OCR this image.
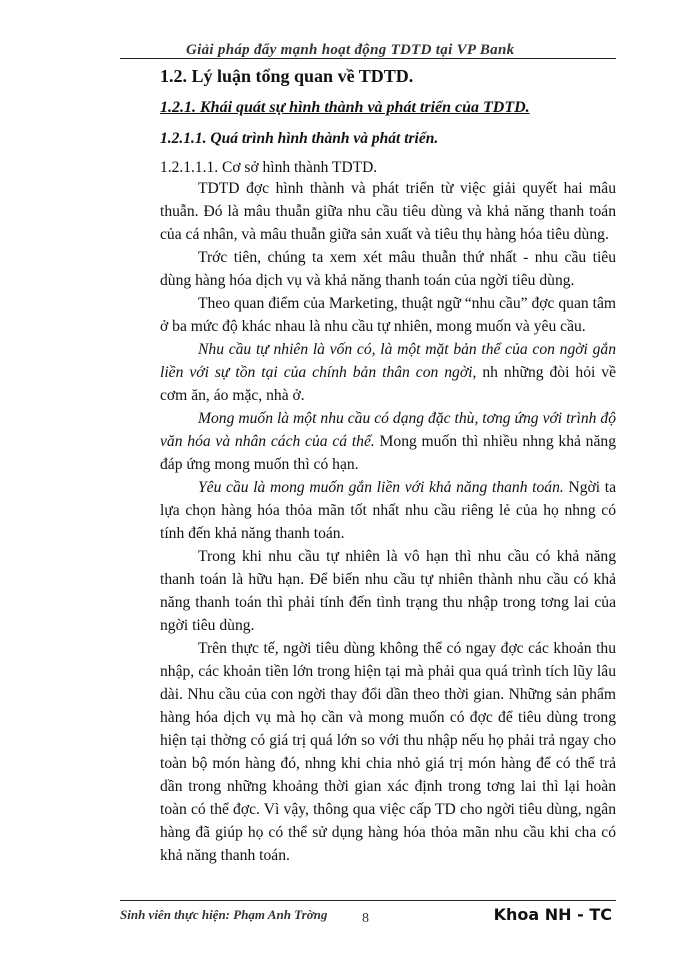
Giải pháp đẩy mạnh hoạt động TDTD tại VP Bank
1.2. Lý luận tổng quan về TDTD.
1.2.1. Khái quát sự hình thành và phát triển của TDTD.
1.2.1.1. Quá trình hình thành và phát triển.
1.2.1.1.1. Cơ sở hình thành TDTD.

TDTD đợc hình thành và phát triển từ việc giải quyết hai mâu thuẫn. Đó là mâu thuẫn giữa nhu cầu tiêu dùng và khả năng thanh toán của cá nhân, và mâu thuẫn giữa sản xuất và tiêu thụ hàng hóa tiêu dùng.

Trớc tiên, chúng ta xem xét mâu thuẫn thứ nhất - nhu cầu tiêu dùng hàng hóa dịch vụ và khả năng thanh toán của ngời tiêu dùng.

Theo quan điểm của Marketing, thuật ngữ “nhu cầu” đợc quan tâm ở ba mức độ khác nhau là nhu cầu tự nhiên, mong muốn và yêu cầu.

Nhu cầu tự nhiên là vốn có, là một mặt bản thể của con ngời gắn liền với sự tồn tại của chính bản thân con ngời, nh những đòi hỏi về cơm ăn, áo mặc, nhà ở.

Mong muốn là một nhu cầu có dạng đặc thù, tơng ứng với trình độ văn hóa và nhân cách của cá thể. Mong muốn thì nhiều nhng khả năng đáp ứng mong muốn thì có hạn.

Yêu cầu là mong muốn gắn liền với khả năng thanh toán. Ngời ta lựa chọn hàng hóa thỏa mãn tốt nhất nhu cầu riêng lẻ của họ nhng có tính đến khả năng thanh toán.

Trong khi nhu cầu tự nhiên là vô hạn thì nhu cầu có khả năng thanh toán là hữu hạn. Để biến nhu cầu tự nhiên thành nhu cầu có khả năng thanh toán thì phải tính đến tình trạng thu nhập trong tơng lai của ngời tiêu dùng.

Trên thực tế, ngời tiêu dùng không thể có ngay đợc các khoản thu nhập, các khoản tiền lớn trong hiện tại mà phải qua quá trình tích lũy lâu dài. Nhu cầu của con ngời thay đổi dần theo thời gian. Những sản phẩm hàng hóa dịch vụ mà họ cần và mong muốn có đợc để tiêu dùng trong hiện tại thờng có giá trị quá lớn so với thu nhập nếu họ phải trả ngay cho toàn bộ món hàng đó, nhng khi chia nhỏ giá trị món hàng để có thể trả dần trong những khoảng thời gian xác định trong tơng lai thì lại hoàn toàn có thể đợc. Vì vậy, thông qua việc cấp TD cho ngời tiêu dùng, ngân hàng đã giúp họ có thể sử dụng hàng hóa thỏa mãn nhu cầu khi cha có khả năng thanh toán.

Sinh viên thực hiện: Phạm Anh Trờng 8	Khoa NH - TC
